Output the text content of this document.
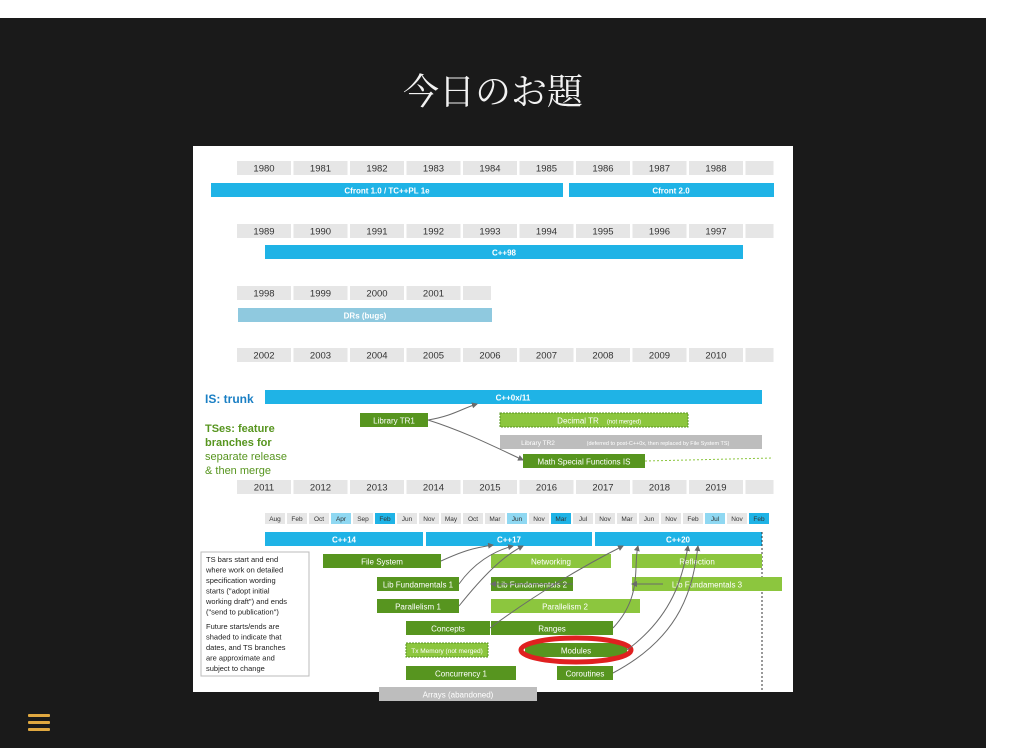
今日のお題
1980	1981	1982	1983	1984	1985	1986	1987	1988
Cfront 1.0 / TC++PL 1e	Cfront 2.0
1989	1990	1991	1992	1993	1994	1995	1996	1997
C++98
1998	1999	2000	2001
DRs (bugs)
2002	2003	2004	2005	2006	2007	2008	2009	2010
IS: trunk	C++0x/11
TSes: feature
branches for
separate release
& then merge
Library TR1	Decimal TR (not merged)
Library TR2	(deferred to post-C++0x, then replaced by File System TS)
Math Special Functions IS
2011	2012	2013	2014	2015	2016	2017	2018	2019
Aug Feb Oct Apr Sep Feb Jun Nov May Oct Mar Jun Nov Mar Jul Nov Mar Jun Nov Feb Jul Nov Feb
C++14	C++17	C++20
TS bars start and end
where work on detailed
specification wording
starts ("adopt initial
working draft") and ends
("send to publication")
Future starts/ends are
shaded to indicate that
dates, and TS branches
are approximate and
subject to change
File System	Networking	Reflection
Lib Fundamentals 1	Lib Fundamentals 2	Lib Fundamentals 3
Parallelism 1	Parallelism 2
Concepts	Ranges
Tx Memory (not merged)	Modules
Concurrency 1	Coroutines
Arrays (abandoned)
